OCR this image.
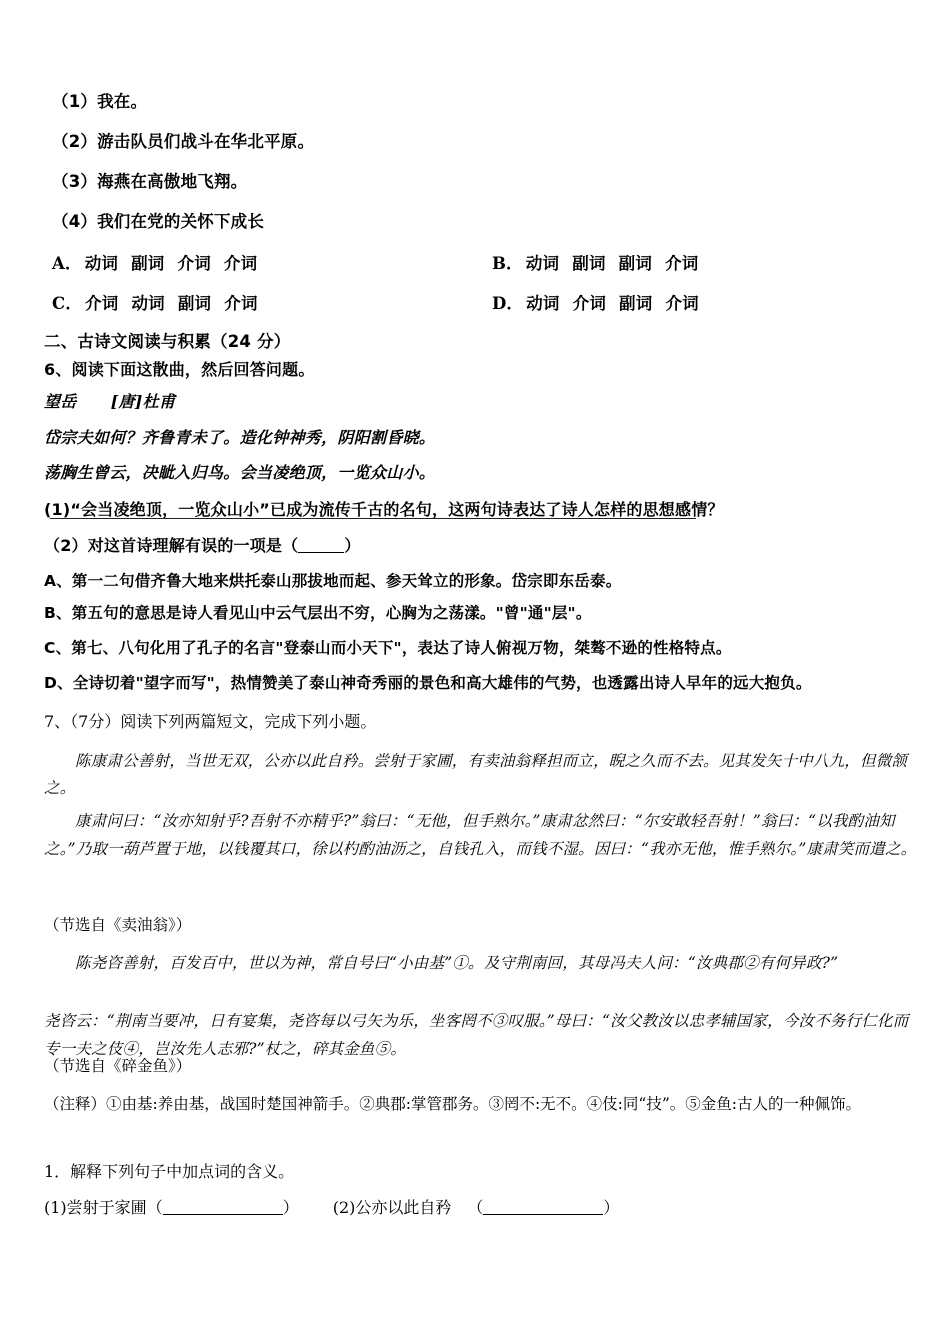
（1）我在。
（2）游击队员们战斗在华北平原。
（3）海燕在高傲地飞翔。
（4）我们在党的关怀下成长
A． 动词 副词 介词 介词	B． 动词 副词 副词 介词
C． 介词 动词 副词 介词	D． 动词 介词 副词 介词
二、古诗文阅读与积累（24 分）
6、阅读下面这散曲，然后回答问题。
望岳 [唐]杜甫
岱宗夫如何？齐鲁青未了。造化钟神秀，阴阳割昏晓。
荡胸生曾云，决眦入归鸟。会当凌绝顶，一览众山小。
(1)“会当凌绝顶，一览众山小”已成为流传千古的名句，这两句诗表达了诗人怎样的思想感情？
（2）对这首诗理解有误的一项是（	）
A、第一二句借齐鲁大地来烘托泰山那拔地而起、参天耸立的形象。岱宗即东岳泰。
B、第五句的意思是诗人看见山中云气层出不穷，心胸为之荡漾。"曾"通"层"。
C、第七、八句化用了孔子的名言"登泰山而小天下"，表达了诗人俯视万物，桀骜不逊的性格特点。
D、全诗切着"望字而写"，热情赞美了泰山神奇秀丽的景色和高大雄伟的气势，也透露出诗人早年的远大抱负。
7、（7分）阅读下列两篇短文，完成下列小题。
陈康肃公善射，当世无双，公亦以此自矜。尝射于家圃，有卖油翁释担而立，睨之久而不去。见其发矢十中八九，但微颔之。
康肃问曰：“汝亦知射乎?吾射不亦精乎?”翁曰：“无他，但手熟尔。”康肃忿然曰：“尔安敢轻吾射！”翁曰：“以我酌油知之。”乃取一葫芦置于地，以钱覆其口，徐以杓酌油沥之，自钱孔入，而钱不湿。因曰：“我亦无他，惟手熟尔。”康肃笑而遣之。
（节选自《卖油翁》）
陈尧咨善射，百发百中，世以为神，常自号曰“小由基”①。及守荆南回，其母冯夫人问：“汝典郡②有何异政?”
尧咨云：“荆南当要冲，日有宴集，尧咨每以弓矢为乐，坐客罔不③叹服。”母曰：“汝父教汝以忠孝辅国家，今汝不务行仁化而专一夫之伎④，岂汝先人志邪?”杖之，碎其金鱼⑤。
（节选自《碎金鱼》）
（注释）①由基:养由基，战国时楚国神箭手。②典郡:掌管郡务。③罔不:无不。④伎:同“技”。⑤金鱼:古人的一种佩饰。
1．解释下列句子中加点词的含义。
(1)尝射于家圃（	） (2)公亦以此自矜 （	）
